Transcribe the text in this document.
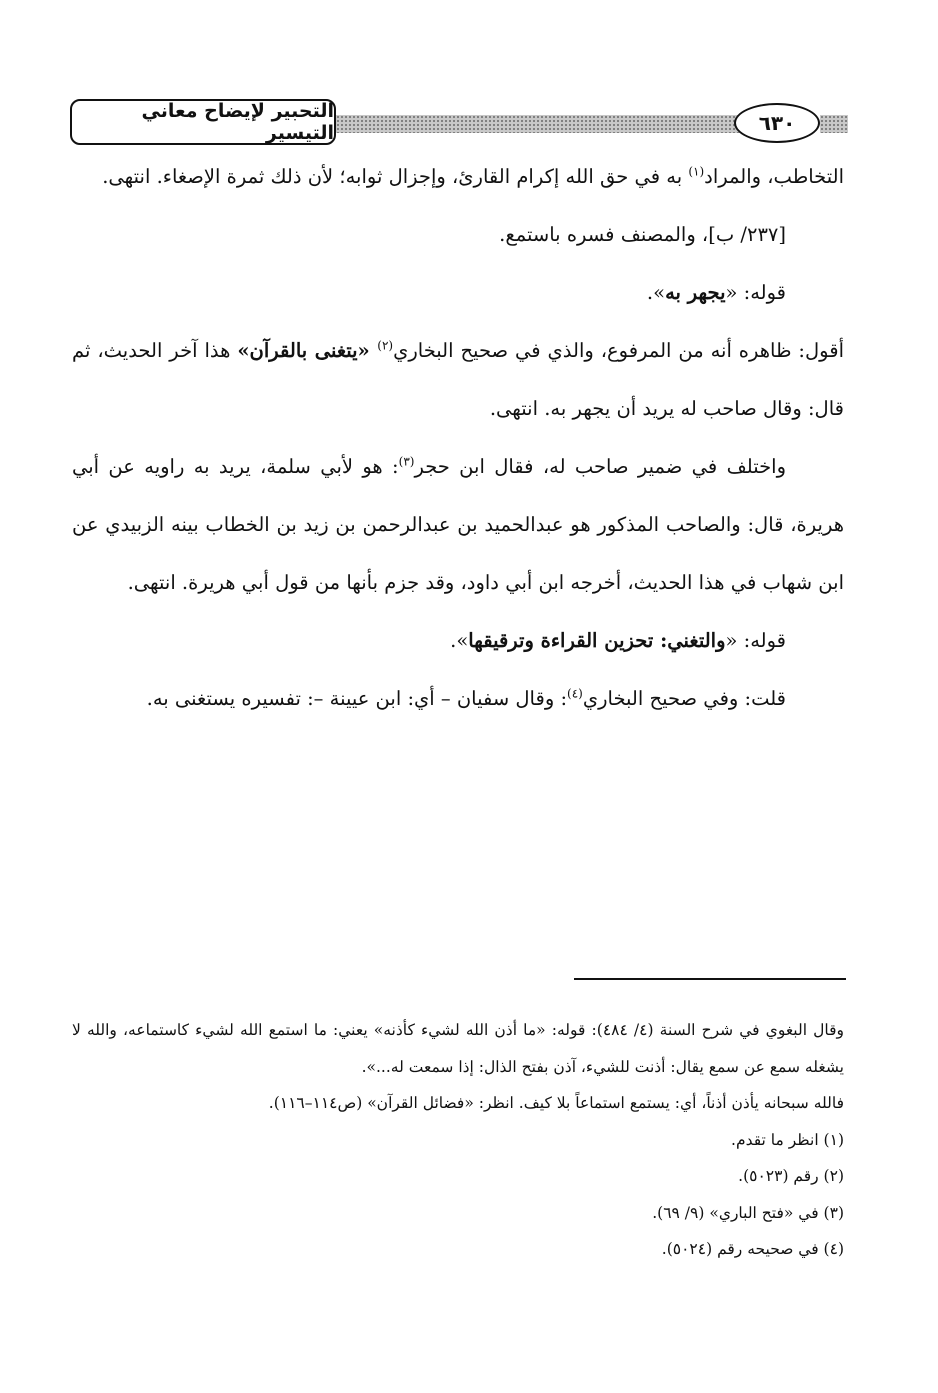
التحبير لإيضاح معاني التيسير	٦٣٠

التخاطب، والمراد$^{(١)}$ به في حق الله إكرام القارئ، وإجزال ثوابه؛ لأن ذلك ثمرة الإصغاء. انتهى.

[٢٣٧/ ب]، والمصنف فسره باستمع.

قوله: «يجهر به».

أقول: ظاهره أنه من المرفوع، والذي في صحيح البخاري$^{(٢)}$ «يتغنى بالقرآن» هذا آخر الحديث، ثم قال: وقال صاحب له يريد أن يجهر به. انتهى.

واختلف في ضمير صاحب له، فقال ابن حجر$^{(٣)}$: هو لأبي سلمة، يريد به راويه عن أبي هريرة، قال: والصاحب المذكور هو عبدالحميد بن عبدالرحمن بن زيد بن الخطاب بينه الزبيدي عن ابن شهاب في هذا الحديث، أخرجه ابن أبي داود، وقد جزم بأنها من قول أبي هريرة. انتهى.

قوله: «والتغني: تحزين القراءة وترقيقها».

قلت: وفي صحيح البخاري$^{(٤)}$: وقال سفيان – أي: ابن عيينة –: تفسيره يستغنى به.

وقال البغوي في شرح السنة (٤/ ٤٨٤): قوله: «ما أذن الله لشيء كأذنه» يعني: ما استمع الله لشيء كاستماعه، والله لا يشغله سمع عن سمع يقال: أذنت للشيء، آذن بفتح الذال: إذا سمعت له...».

فالله سبحانه يأذن أذناً، أي: يستمع استماعاً بلا كيف. انظر: «فضائل القرآن» (ص١١٤–١١٦).

(١) انظر ما تقدم.

(٢) رقم (٥٠٢٣).

(٣) في «فتح الباري» (٩/ ٦٩).

(٤) في صحيحه رقم (٥٠٢٤).
